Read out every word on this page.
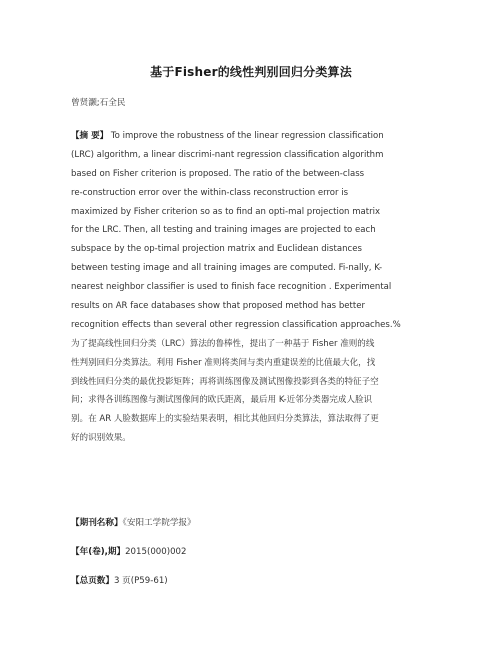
基于Fisher的线性判别回归分类算法
曾贤灏;石全民
【摘 要】 To improve the robustness of the linear regression classification
(LRC) algorithm, a linear discrimi-nant regression classification algorithm
based on Fisher criterion is proposed. The ratio of the between-class
re-construction error over the within-class reconstruction error is
maximized by Fisher criterion so as to find an opti-mal projection matrix
for the LRC. Then, all testing and training images are projected to each
subspace by the op-timal projection matrix and Euclidean distances
between testing image and all training images are computed. Fi-nally, K-
nearest neighbor classifier is used to finish face recognition . Experimental
results on AR face databases show that proposed method has better
recognition effects than several other regression classification approaches.%
为了提高线性回归分类（LRC）算法的鲁棒性，提出了一种基于 Fisher 准则的线
性判别回归分类算法。利用 Fisher 准则将类间与类内重建误差的比值最大化，找
到线性回归分类的最优投影矩阵；再将训练图像及测试图像投影到各类的特征子空
间；求得各训练图像与测试图像间的欧氏距离，最后用 K-近邻分类器完成人脸识
别。在 AR 人脸数据库上的实验结果表明，相比其他回归分类算法，算法取得了更
好的识别效果。
【期刊名称】《安阳工学院学报》
【年(卷),期】2015(000)002
【总页数】3 页(P59-61)
